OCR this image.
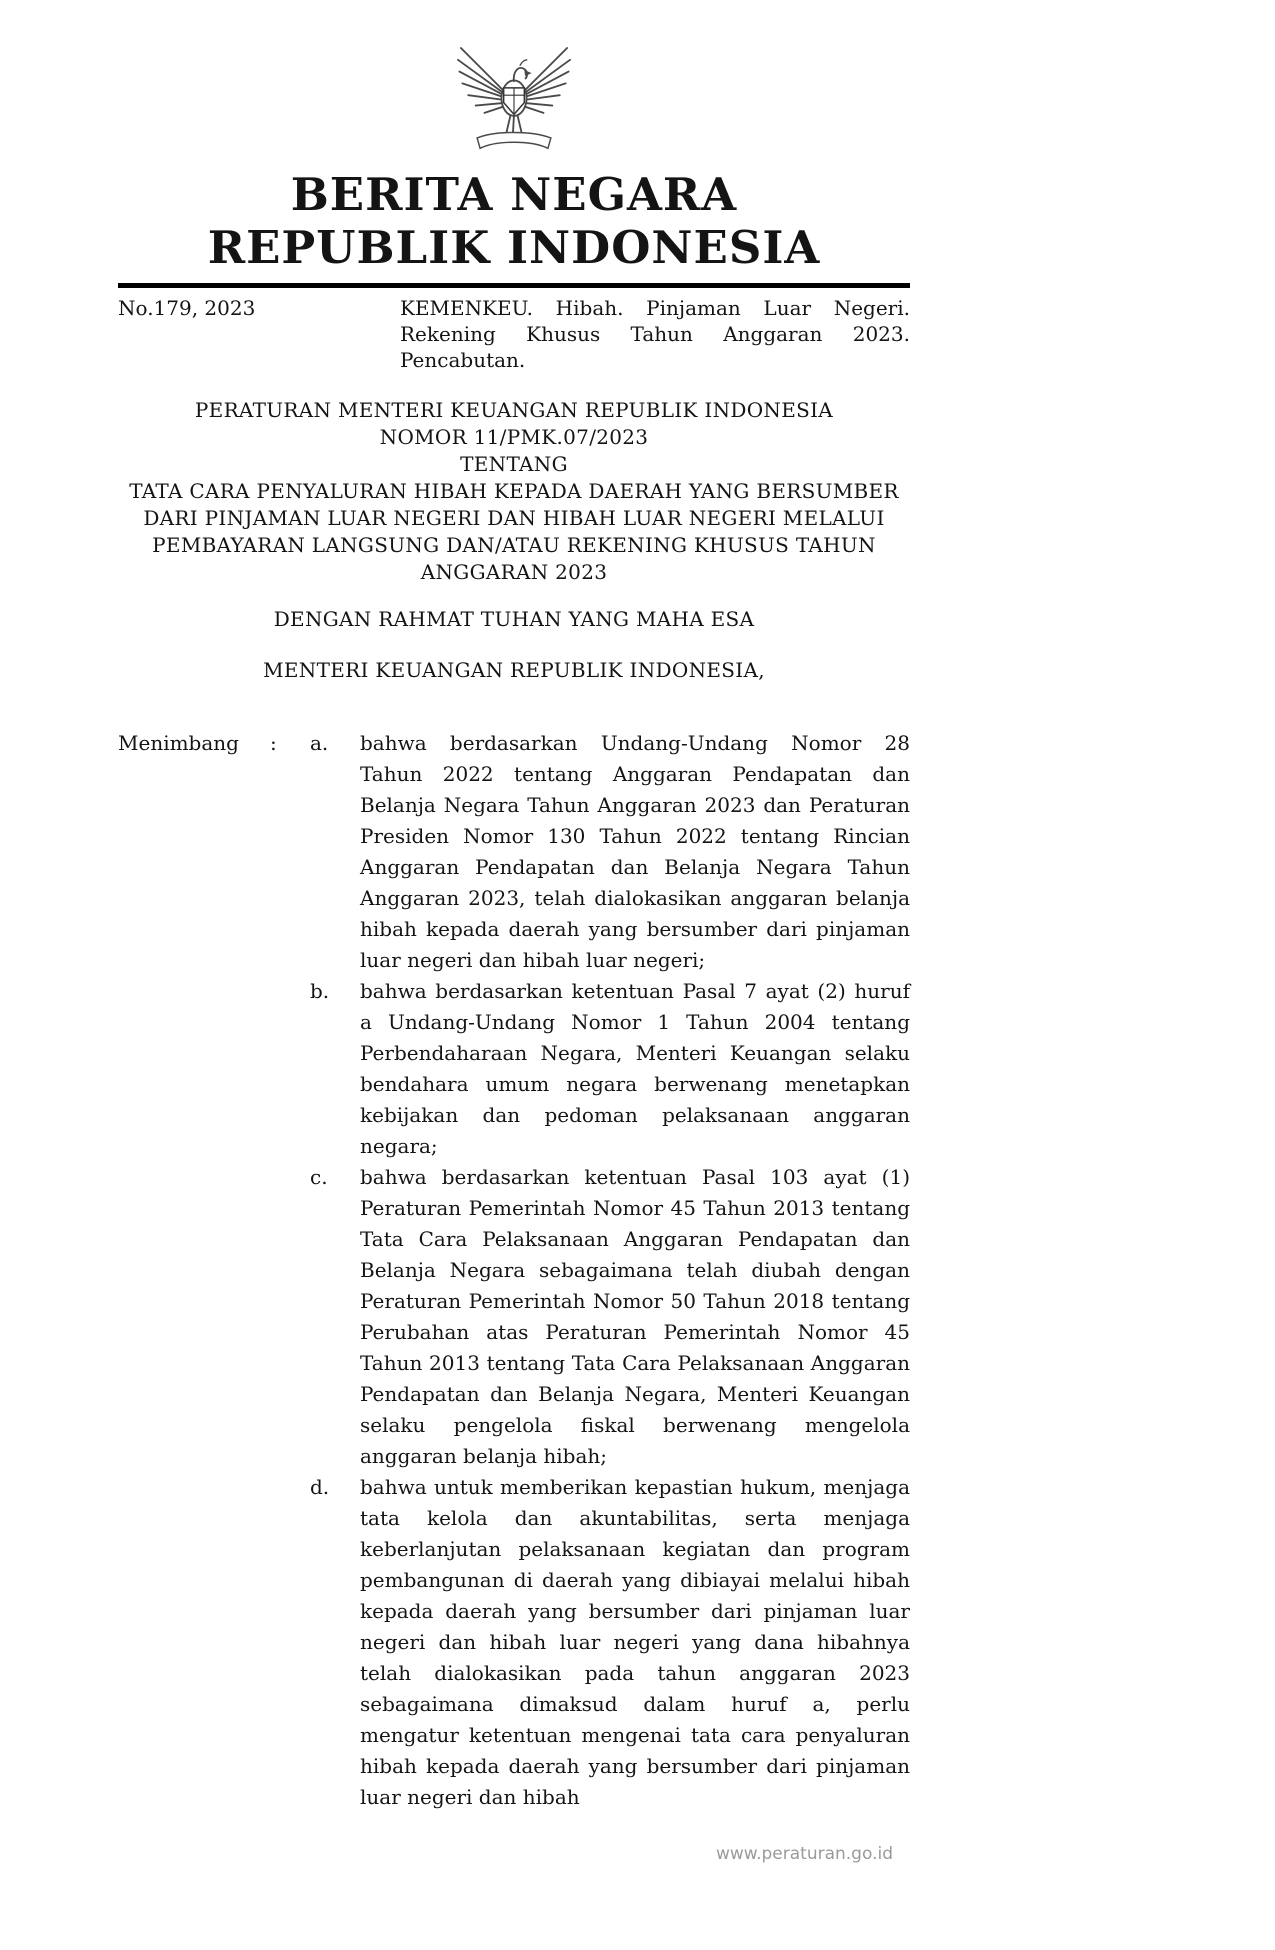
BERITA NEGARA
REPUBLIK INDONESIA
No.179, 2023	KEMENKEU. Hibah. Pinjaman Luar Negeri. Rekening Khusus Tahun Anggaran 2023. Pencabutan.
PERATURAN MENTERI KEUANGAN REPUBLIK INDONESIA
NOMOR 11/PMK.07/2023
TENTANG
TATA CARA PENYALURAN HIBAH KEPADA DAERAH YANG BERSUMBER DARI PINJAMAN LUAR NEGERI DAN HIBAH LUAR NEGERI MELALUI PEMBAYARAN LANGSUNG DAN/ATAU REKENING KHUSUS TAHUN ANGGARAN 2023
DENGAN RAHMAT TUHAN YANG MAHA ESA
MENTERI KEUANGAN REPUBLIK INDONESIA,
Menimbang	:	a.	bahwa berdasarkan Undang-Undang Nomor 28 Tahun 2022 tentang Anggaran Pendapatan dan Belanja Negara Tahun Anggaran 2023 dan Peraturan Presiden Nomor 130 Tahun 2022 tentang Rincian Anggaran Pendapatan dan Belanja Negara Tahun Anggaran 2023, telah dialokasikan anggaran belanja hibah kepada daerah yang bersumber dari pinjaman luar negeri dan hibah luar negeri;
b.	bahwa berdasarkan ketentuan Pasal 7 ayat (2) huruf a Undang-Undang Nomor 1 Tahun 2004 tentang Perbendaharaan Negara, Menteri Keuangan selaku bendahara umum negara berwenang menetapkan kebijakan dan pedoman pelaksanaan anggaran negara;
c.	bahwa berdasarkan ketentuan Pasal 103 ayat (1) Peraturan Pemerintah Nomor 45 Tahun 2013 tentang Tata Cara Pelaksanaan Anggaran Pendapatan dan Belanja Negara sebagaimana telah diubah dengan Peraturan Pemerintah Nomor 50 Tahun 2018 tentang Perubahan atas Peraturan Pemerintah Nomor 45 Tahun 2013 tentang Tata Cara Pelaksanaan Anggaran Pendapatan dan Belanja Negara, Menteri Keuangan selaku pengelola fiskal berwenang mengelola anggaran belanja hibah;
d.	bahwa untuk memberikan kepastian hukum, menjaga tata kelola dan akuntabilitas, serta menjaga keberlanjutan pelaksanaan kegiatan dan program pembangunan di daerah yang dibiayai melalui hibah kepada daerah yang bersumber dari pinjaman luar negeri dan hibah luar negeri yang dana hibahnya telah dialokasikan pada tahun anggaran 2023 sebagaimana dimaksud dalam huruf a, perlu mengatur ketentuan mengenai tata cara penyaluran hibah kepada daerah yang bersumber dari pinjaman luar negeri dan hibah
www.peraturan.go.id
